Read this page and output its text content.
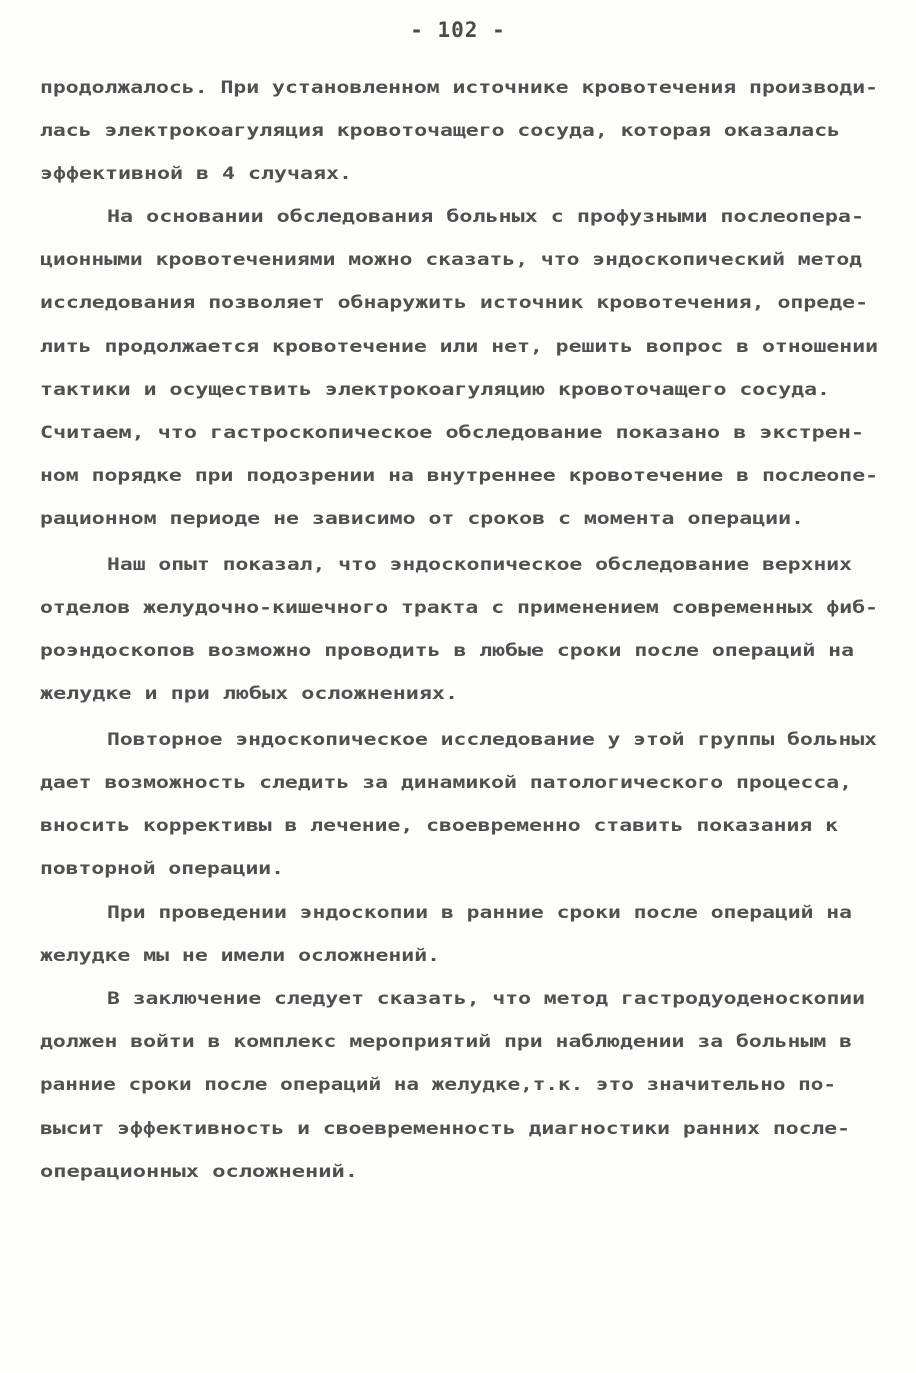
- 102 -
продолжалось. При установленном источнике кровотечения производи-
лась электрокоагуляция кровоточащего сосуда, которая оказалась
эффективной в 4 случаях.
На основании обследования больных с профузными послеопера-
ционными кровотечениями можно сказать, что эндоскопический метод
исследования позволяет обнаружить источник кровотечения, опреде-
лить продолжается кровотечение или нет, решить вопрос в отношении
тактики и осуществить электрокоагуляцию кровоточащего сосуда.
Считаем, что гастроскопическое обследование показано в экстрен-
ном порядке при подозрении на внутреннее кровотечение в послеопе-
рационном периоде не зависимо от сроков с момента операции.
Наш опыт показал, что эндоскопическое обследование верхних
отделов желудочно-кишечного тракта с применением современных фиб-
роэндоскопов возможно проводить в любые сроки после операций на
желудке и при любых осложнениях.
Повторное эндоскопическое исследование у этой группы больных
дает возможность следить за динамикой патологического процесса,
вносить коррективы в лечение, своевременно ставить показания к
повторной операции.
При проведении эндоскопии в ранние сроки после операций на
желудке мы не имели осложнений.
В заключение следует сказать, что метод гастродуоденоскопии
должен войти в комплекс мероприятий при наблюдении за больным в
ранние сроки после операций на желудке,т.к. это значительно по-
высит эффективность и своевременность диагностики ранних после-
операционных осложнений.
